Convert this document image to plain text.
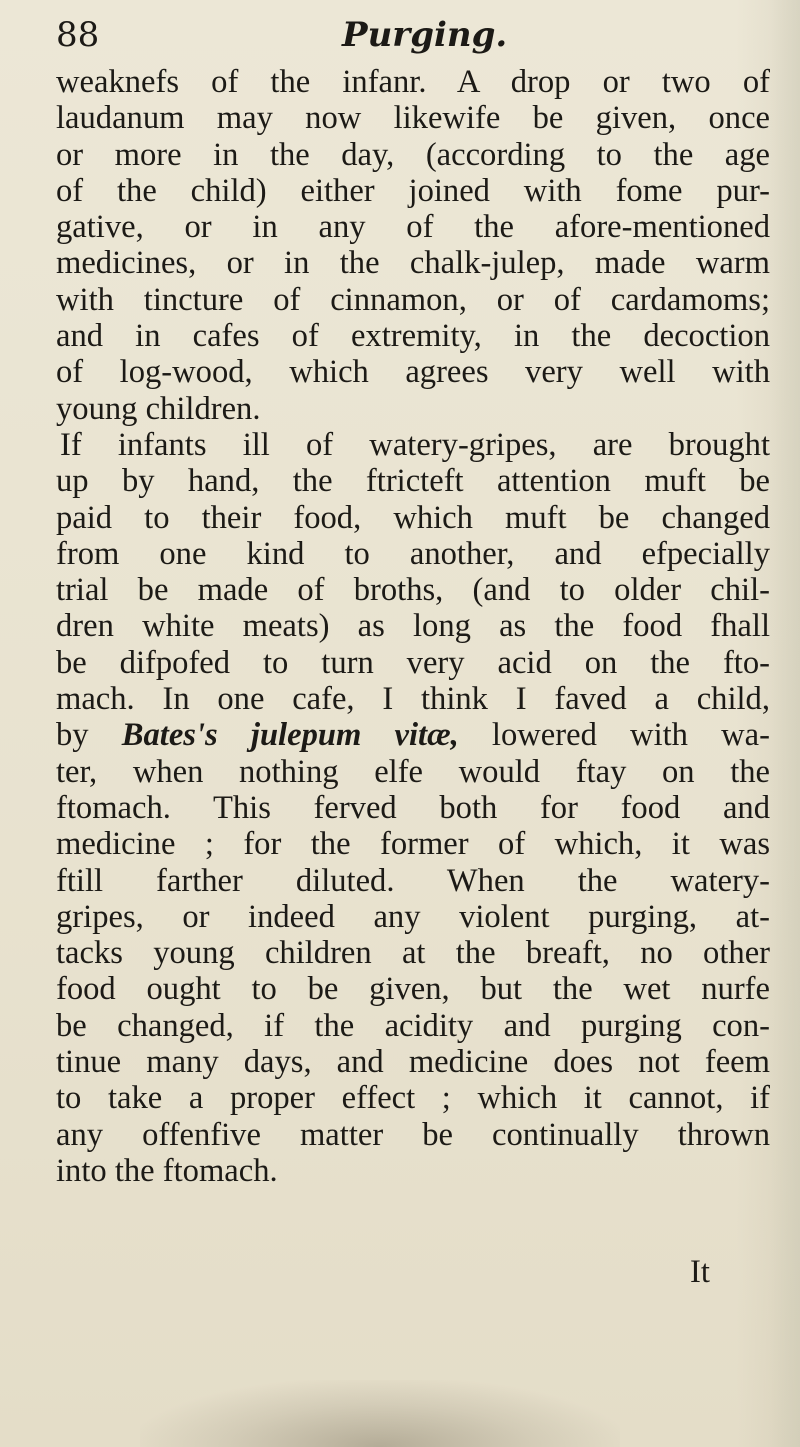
88	Purging.
weaknefs of the infanr. A drop or two of
laudanum may now likewife be given, once
or more in the day, (according to the age
of the child) either joined with fome pur-
gative, or in any of the afore-mentioned
medicines, or in the chalk-julep, made warm
with tincture of cinnamon, or of cardamoms;
and in cafes of extremity, in the decoction
of log-wood, which agrees very well with
young children.
If infants ill of watery-gripes, are brought
up by hand, the ftricteft attention muft be
paid to their food, which muft be changed
from one kind to another, and efpecially
trial be made of broths, (and to older chil-
dren white meats) as long as the food fhall
be difpofed to turn very acid on the fto-
mach. In one cafe, I think I faved a child,
by Bates's julepum vitæ, lowered with wa-
ter, when nothing elfe would ftay on the
ftomach. This ferved both for food and
medicine ; for the former of which, it was
ftill farther diluted. When the watery-
gripes, or indeed any violent purging, at-
tacks young children at the breaft, no other
food ought to be given, but the wet nurfe
be changed, if the acidity and purging con-
tinue many days, and medicine does not feem
to take a proper effect ; which it cannot, if
any offenfive matter be continually thrown
into the ftomach.
It
